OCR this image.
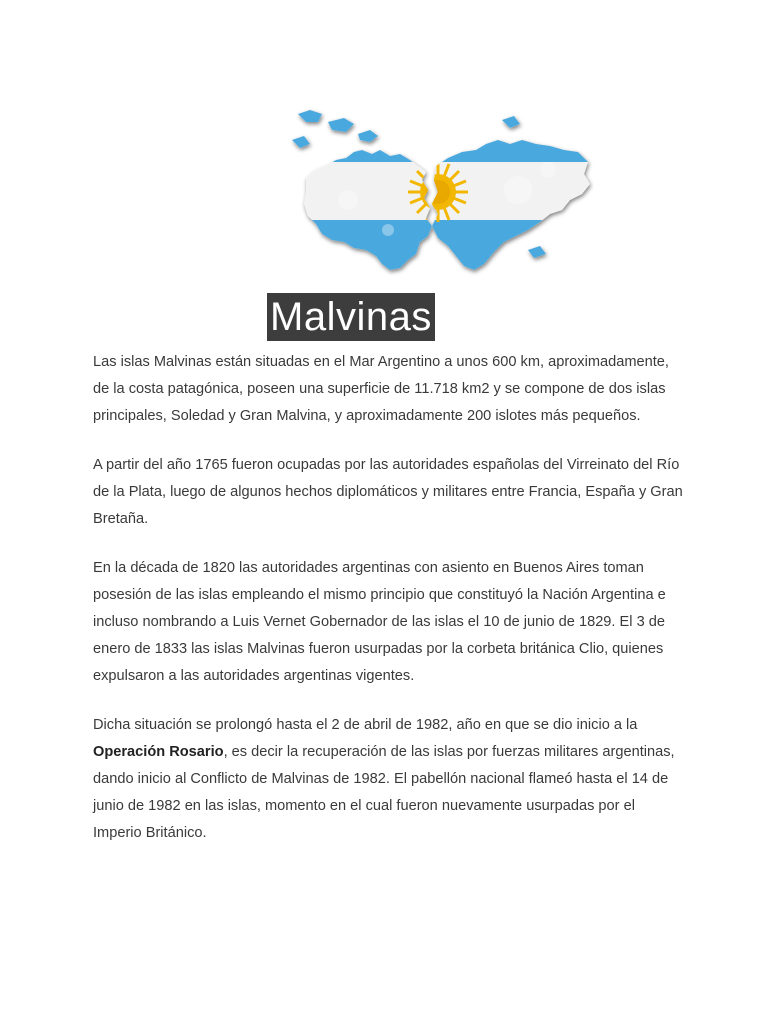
Malvinas

Las islas Malvinas están situadas en el Mar Argentino a unos 600 km, aproximadamente, de la costa patagónica, poseen una superficie de 11.718 km2 y se compone de dos islas principales, Soledad y Gran Malvina, y aproximadamente 200 islotes más pequeños.

A partir del año 1765 fueron ocupadas por las autoridades españolas del Virreinato del Río de la Plata, luego de algunos hechos diplomáticos y militares entre Francia, España y Gran Bretaña.

En la década de 1820 las autoridades argentinas con asiento en Buenos Aires toman posesión de las islas empleando el mismo principio que constituyó la Nación Argentina e incluso nombrando a Luis Vernet Gobernador de las islas el 10 de junio de 1829. El 3 de enero de 1833 las islas Malvinas fueron usurpadas por la corbeta británica Clio, quienes expulsaron a las autoridades argentinas vigentes.

Dicha situación se prolongó hasta el 2 de abril de 1982, año en que se dio inicio a la Operación Rosario, es decir la recuperación de las islas por fuerzas militares argentinas, dando inicio al Conflicto de Malvinas de 1982. El pabellón nacional flameó hasta el 14 de junio de 1982 en las islas, momento en el cual fueron nuevamente usurpadas por el Imperio Británico.
